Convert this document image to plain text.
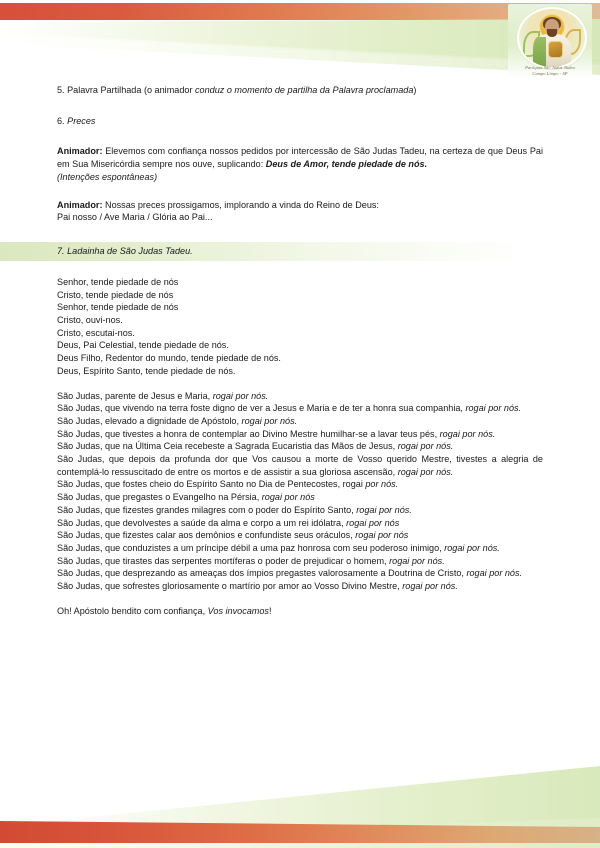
Paróquia São Judas Tadeu
Campo Limpo - SP

5. Palavra Partilhada (o animador conduz o momento de partilha da Palavra proclamada)

6. Preces

Animador: Elevemos com confiança nossos pedidos por intercessão de São Judas Tadeu, na certeza de que Deus Pai em Sua Misericórdia sempre nos ouve, suplicando: Deus de Amor, tende piedade de nós.

(Intenções espontâneas)

Animador: Nossas preces prossigamos, implorando a vinda do Reino de Deus:

Pai nosso / Ave Maria / Glória ao Pai...

7. Ladainha de São Judas Tadeu.
Senhor, tende piedade de nós
Cristo, tende piedade de nós
Senhor, tende piedade de nós
Cristo, ouvi-nos.
Cristo, escutai-nos.
Deus, Pai Celestial, tende piedade de nós.
Deus Filho, Redentor do mundo, tende piedade de nós.
Deus, Espírito Santo, tende piedade de nós.
São Judas, parente de Jesus e Maria, rogai por nós.
São Judas, que vivendo na terra foste digno de ver a Jesus e Maria e de ter a honra sua companhia, rogai por nós.
São Judas, elevado a dignidade de Apóstolo, rogai por nós.
São Judas, que tivestes a honra de contemplar ao Divino Mestre humilhar-se a lavar teus pés, rogai por nós.
São Judas, que na Última Ceia recebeste a Sagrada Eucaristia das Mãos de Jesus, rogai por nós.
São Judas, que depois da profunda dor que Vos causou a morte de Vosso querido Mestre, tivestes a alegria de contemplá-lo ressuscitado de entre os mortos e de assistir a sua gloriosa ascensão, rogai por nós.
São Judas, que fostes cheio do Espírito Santo no Dia de Pentecostes, rogai por nós.
São Judas, que pregastes o Evangelho na Pérsia, rogai por nós
São Judas, que fizestes grandes milagres com o poder do Espírito Santo, rogai por nós.
São Judas, que devolvestes a saúde da alma e corpo a um rei idólatra, rogai por nós
São Judas, que fizestes calar aos demônios e confundiste seus oráculos, rogai por nós
São Judas, que conduzistes a um príncipe débil a uma paz honrosa com seu poderoso inimigo, rogai por nós.
São Judas, que tirastes das serpentes mortíferas o poder de prejudicar o homem, rogai por nós.
São Judas, que desprezando as ameaças dos ímpios pregastes valorosamente a Doutrina de Cristo, rogai por nós.
São Judas, que sofrestes gloriosamente o martírio por amor ao Vosso Divino Mestre, rogai por nós.
Oh! Apóstolo bendito com confiança, Vos invocamos!
